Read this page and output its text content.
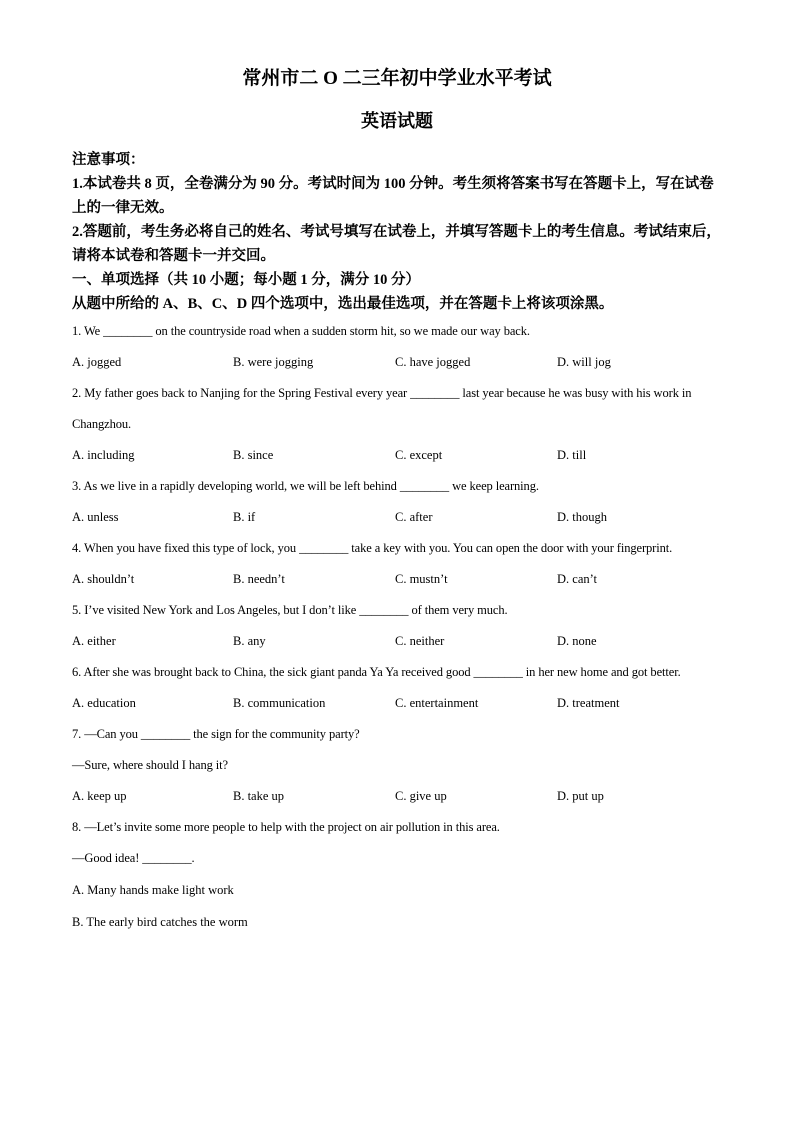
常州市二 O 二三年初中学业水平考试

英语试题

注意事项：

1.本试卷共 8 页，全卷满分为 90 分。考试时间为 100 分钟。考生须将答案书写在答题卡上，写在试卷上的一律无效。

2.答题前，考生务必将自己的姓名、考试号填写在试卷上，并填写答题卡上的考生信息。考试结束后，请将本试卷和答题卡一并交回。

一、单项选择（共 10 小题；每小题 1 分，满分 10 分）

从题中所给的 A、B、C、D 四个选项中，选出最佳选项，并在答题卡上将该项涂黑。

1. We ________ on the countryside road when a sudden storm hit, so we made our way back.

A. jogged	B. were jogging	C. have jogged	D. will jog

2. My father goes back to Nanjing for the Spring Festival every year ________ last year because he was busy with his work in Changzhou.

A. including	B. since	C. except	D. till

3. As we live in a rapidly developing world, we will be left behind ________ we keep learning.

A. unless	B. if	C. after	D. though

4. When you have fixed this type of lock, you ________ take a key with you. You can open the door with your fingerprint.

A. shouldn’t	B. needn’t	C. mustn’t	D. can’t

5. I’ve visited New York and Los Angeles, but I don’t like ________ of them very much.

A. either	B. any	C. neither	D. none

6. After she was brought back to China, the sick giant panda Ya Ya received good ________ in her new home and got better.

A. education	B. communication	C. entertainment	D. treatment

7. —Can you ________ the sign for the community party?

—Sure, where should I hang it?

A. keep up	B. take up	C. give up	D. put up

8. —Let’s invite some more people to help with the project on air pollution in this area.

—Good idea! ________.

A. Many hands make light work

B. The early bird catches the worm
